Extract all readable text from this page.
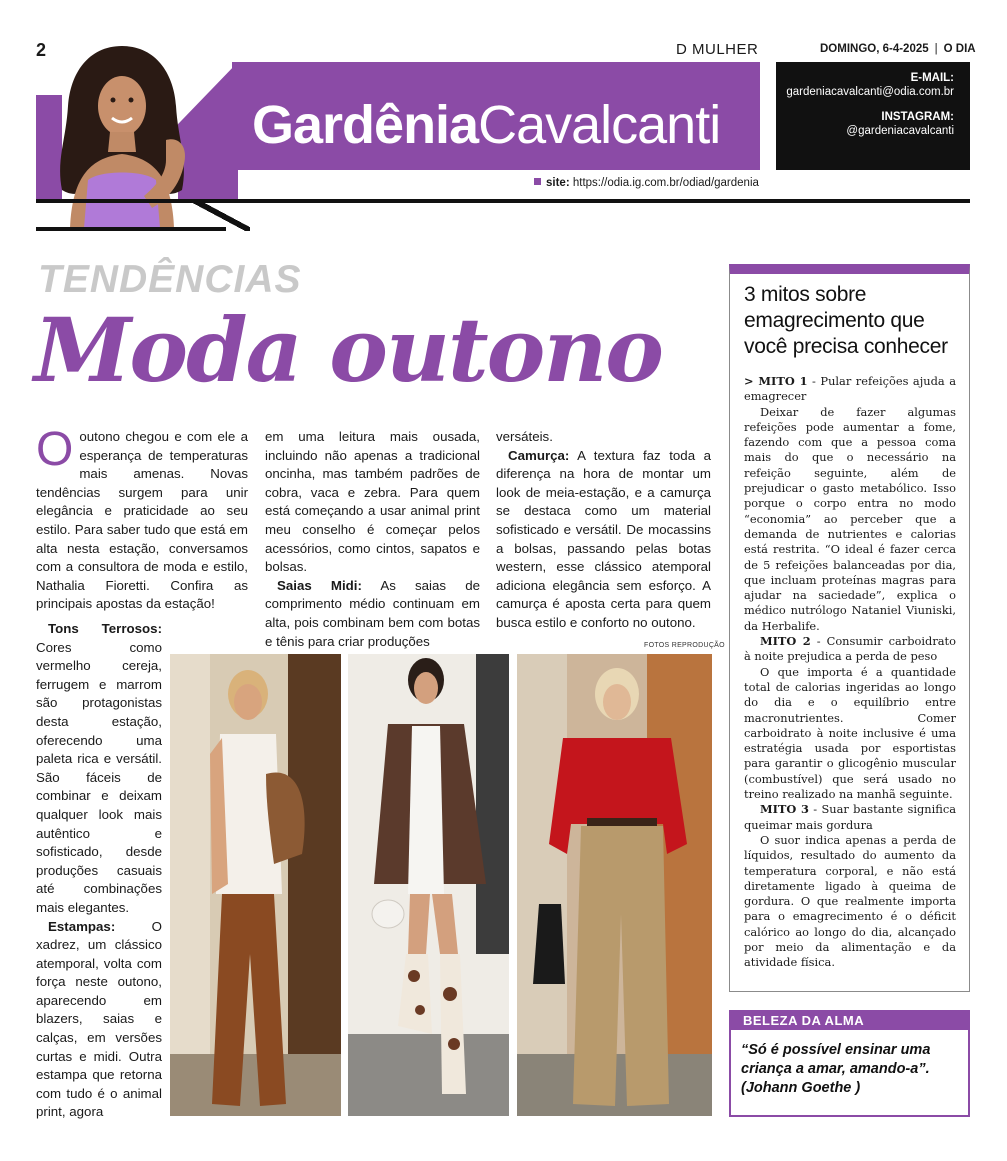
2	D MULHER	DOMINGO, 6-4-2025 | O DIA
GardêniaCavalcanti
site: https://odia.ig.com.br/odiad/gardenia
E-MAIL:
gardeniacavalcanti@odia.com.br
INSTAGRAM:
@gardeniacavalcanti
TENDÊNCIAS
Moda outono

Ooutono chegou e com ele a esperança de temperaturas mais amenas. Novas tendências surgem para unir elegância e praticidade ao seu estilo. Para saber tudo que está em alta nesta estação, conversamos com a consultora de moda e estilo, Nathalia Fioretti. Confira as principais apostas da estação!

Tons Terrosos: Cores como vermelho cereja, ferrugem e marrom são protagonistas desta estação, oferecendo uma paleta rica e versátil. São fáceis de combinar e deixam qualquer look mais autêntico e sofisticado, desde produções casuais até combinações mais elegantes.

Estampas:	O xadrez, um clássico atemporal, volta com força neste outono, aparecendo em blazers, saias e calças, em versões curtas e midi. Outra estampa que retorna com tudo é o animal print, agora

em uma leitura mais ousada, incluindo não apenas a tradicional oncinha, mas também padrões de cobra, vaca e zebra. Para quem está começando a usar animal print meu conselho é começar pelos acessórios, como cintos, sapatos e bolsas.

Saias Midi: As saias de comprimento médio continuam em alta, pois combinam bem com botas e tênis para criar produções

versáteis.

Camurça: A textura faz toda a diferença na hora de montar um look de meia-estação, e a camurça se destaca como um material sofisticado e versátil. De mocassins a bolsas, passando pelas botas western, esse clássico atemporal adiciona elegância sem esforço. A camurça é aposta certa para quem busca estilo e conforto no outono.

FOTOS REPRODUÇÃO
3 mitos sobre emagrecimento que você precisa conhecer

> MITO 1 - Pular refeições ajuda a emagrecer

Deixar de fazer algumas refeições pode aumentar a fome, fazendo com que a pessoa coma mais do que o necessário na refeição seguinte, além de prejudicar o gasto metabólico. Isso porque o corpo entra no modo “economia” ao perceber que a demanda de nutrientes e calorias está restrita. “O ideal é fazer cerca de 5 refeições balanceadas por dia, que incluam proteínas magras para ajudar na saciedade”, explica o médico nutrólogo Nataniel Viuniski, da Herbalife.

MITO 2 - Consumir carboidrato à noite prejudica a perda de peso

O que importa é a quantidade total de calorias ingeridas ao longo do dia e o equilíbrio entre macronutrientes. Comer carboidrato à noite inclusive é uma estratégia usada por esportistas para garantir o glicogênio muscular (combustível) que será usado no treino realizado na manhã seguinte.

MITO 3 - Suar bastante significa queimar mais gordura

O suor indica apenas a perda de líquidos, resultado do aumento da temperatura corporal, e não está diretamente ligado à queima de gordura. O que realmente importa para o emagrecimento é o déficit calórico ao longo do dia, alcançado por meio da alimentação e da atividade física.

BELEZA DA ALMA
“Só é possível ensinar uma criança a amar, amando-a”. (Johann Goethe )
